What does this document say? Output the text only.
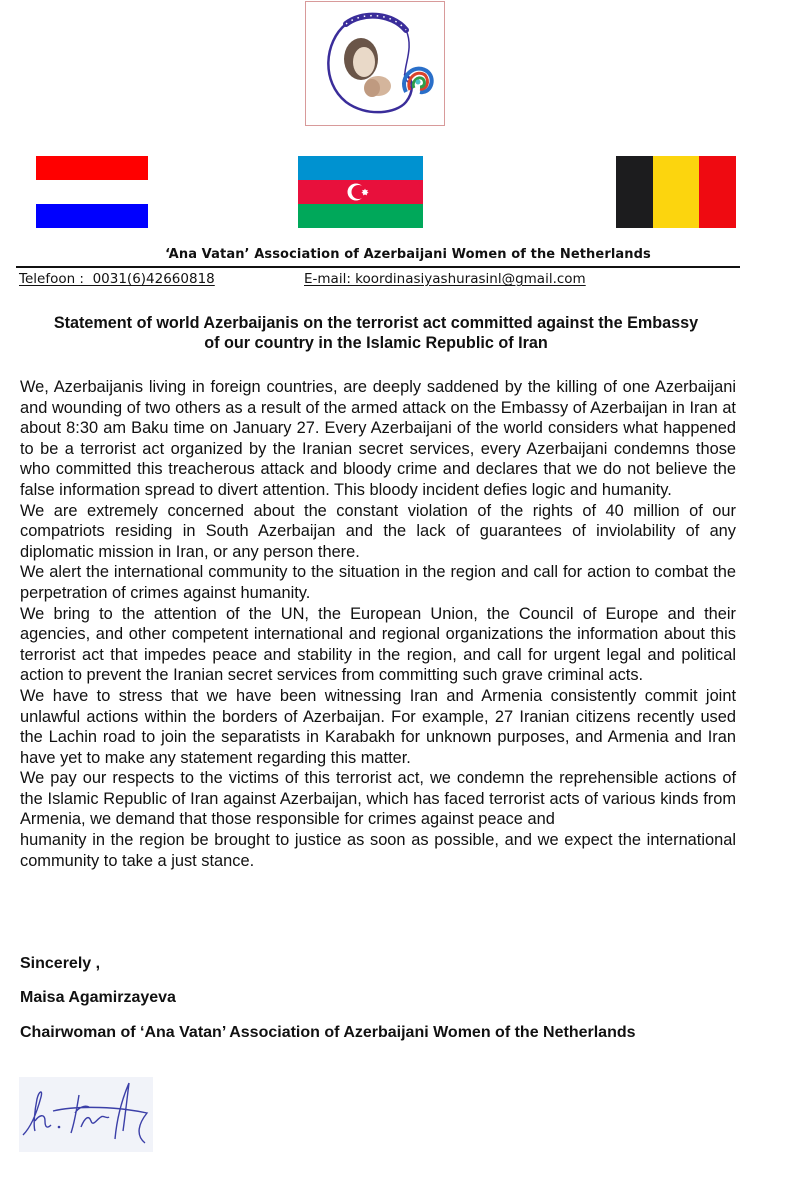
‘Ana Vatan’ Association of Azerbaijani Women of the Netherlands
Telefoon :  0031(6)42660818	E-mail: koordinasiyashurasinl@gmail.com
Statement of world Azerbaijanis on the terrorist act committed against the Embassy
of our country in the Islamic Republic of Iran

We, Azerbaijanis living in foreign countries, are deeply saddened by the killing of one Azerbaijani and wounding of two others as a result of the armed attack on the Embassy of Azerbaijan in Iran at about 8:30 am Baku time on January 27. Every Azerbaijani of the world considers what happened to be a terrorist act organized by the Iranian secret services, every Azerbaijani condemns those who committed this treacherous attack and bloody crime and declares that we do not believe the false information spread to divert attention. This bloody incident defies logic and humanity.

We are extremely concerned about the constant violation of the rights of 40 million of our compatriots residing in South Azerbaijan and the lack of guarantees of inviolability of any diplomatic mission in Iran, or any person there.

We alert the international community to the situation in the region and call for action to combat the perpetration of crimes against humanity.

We bring to the attention of the UN, the European Union, the Council of Europe and their agencies, and other competent international and regional organizations the information about this terrorist act that impedes peace and stability in the region, and call for urgent legal and political action to prevent the Iranian secret services from committing such grave criminal acts.

We have to stress that we have been witnessing Iran and Armenia consistently commit joint unlawful actions within the borders of Azerbaijan. For example, 27 Iranian citizens recently used the Lachin road to join the separatists in Karabakh for unknown purposes, and Armenia and Iran have yet to make any statement regarding this matter.

We pay our respects to the victims of this terrorist act, we condemn the reprehensible actions of the Islamic Republic of Iran against Azerbaijan, which has faced terrorist acts of various kinds from Armenia, we demand that those responsible for crimes against peace and

humanity in the region be brought to justice as soon as possible, and we expect the international community to take a just stance.

Sincerely ,
Maisa Agamirzayeva
Chairwoman of ‘Ana Vatan’ Association of Azerbaijani Women of the Netherlands
